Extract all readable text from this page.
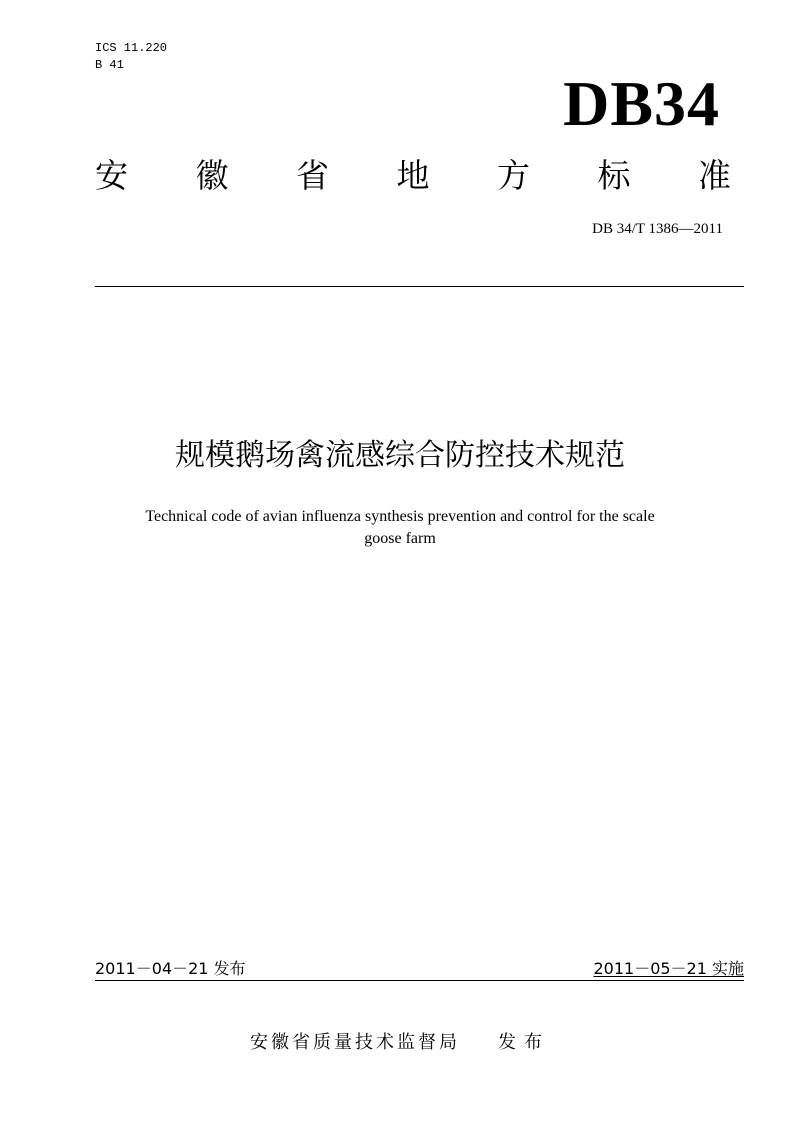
ICS 11.220
B 41
DB34
安 徽 省 地 方 标 准
DB 34/T 1386—2011
规模鹅场禽流感综合防控技术规范
Technical code of avian influenza synthesis prevention and control for the scale
goose farm
2011－04－21 发布	2011－05－21 实施
安徽省质量技术监督局 发布
